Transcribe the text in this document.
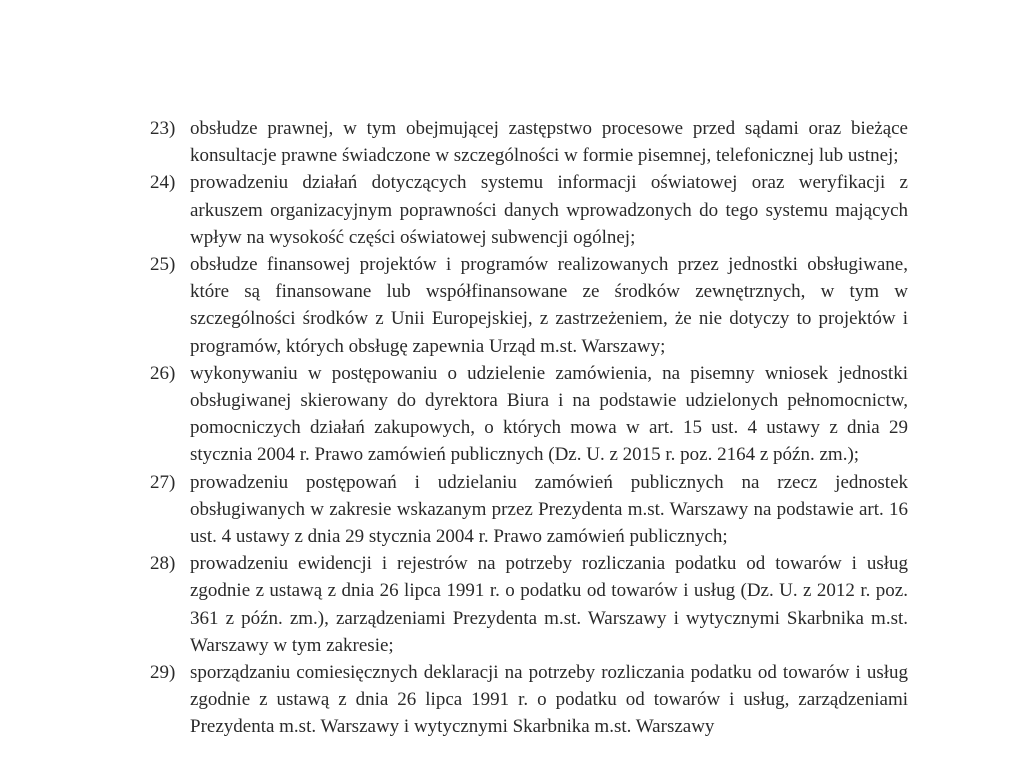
23) obsłudze prawnej, w tym obejmującej zastępstwo procesowe przed sądami oraz bieżące konsultacje prawne świadczone w szczególności w formie pisemnej, telefonicznej lub ustnej;
24) prowadzeniu działań dotyczących systemu informacji oświatowej oraz weryfikacji z arkuszem organizacyjnym poprawności danych wprowadzonych do tego systemu mających wpływ na wysokość części oświatowej subwencji ogólnej;
25) obsłudze finansowej projektów i programów realizowanych przez jednostki obsługiwane, które są finansowane lub współfinansowane ze środków zewnętrznych, w tym w szczególności środków z Unii Europejskiej, z zastrzeżeniem, że nie dotyczy to projektów i programów, których obsługę zapewnia Urząd m.st. Warszawy;
26) wykonywaniu w postępowaniu o udzielenie zamówienia, na pisemny wniosek jednostki obsługiwanej skierowany do dyrektora Biura i na podstawie udzielonych pełnomocnictw, pomocniczych działań zakupowych, o których mowa w art. 15 ust. 4 ustawy z dnia 29 stycznia 2004 r. Prawo zamówień publicznych (Dz. U. z 2015 r. poz. 2164 z późn. zm.);
27) prowadzeniu postępowań i udzielaniu zamówień publicznych na rzecz jednostek obsługiwanych w zakresie wskazanym przez Prezydenta m.st. Warszawy na podstawie art. 16 ust. 4 ustawy z dnia 29 stycznia 2004 r. Prawo zamówień publicznych;
28) prowadzeniu ewidencji i rejestrów na potrzeby rozliczania podatku od towarów i usług zgodnie z ustawą z dnia 26 lipca 1991 r. o podatku od towarów i usług (Dz. U. z 2012 r. poz. 361 z późn. zm.), zarządzeniami Prezydenta m.st. Warszawy i wytycznymi Skarbnika m.st. Warszawy w tym zakresie;
29) sporządzaniu comiesięcznych deklaracji na potrzeby rozliczania podatku od towarów i usług zgodnie z ustawą z dnia 26 lipca 1991 r. o podatku od towarów i usług, zarządzeniami Prezydenta m.st. Warszawy i wytycznymi Skarbnika m.st. Warszawy
